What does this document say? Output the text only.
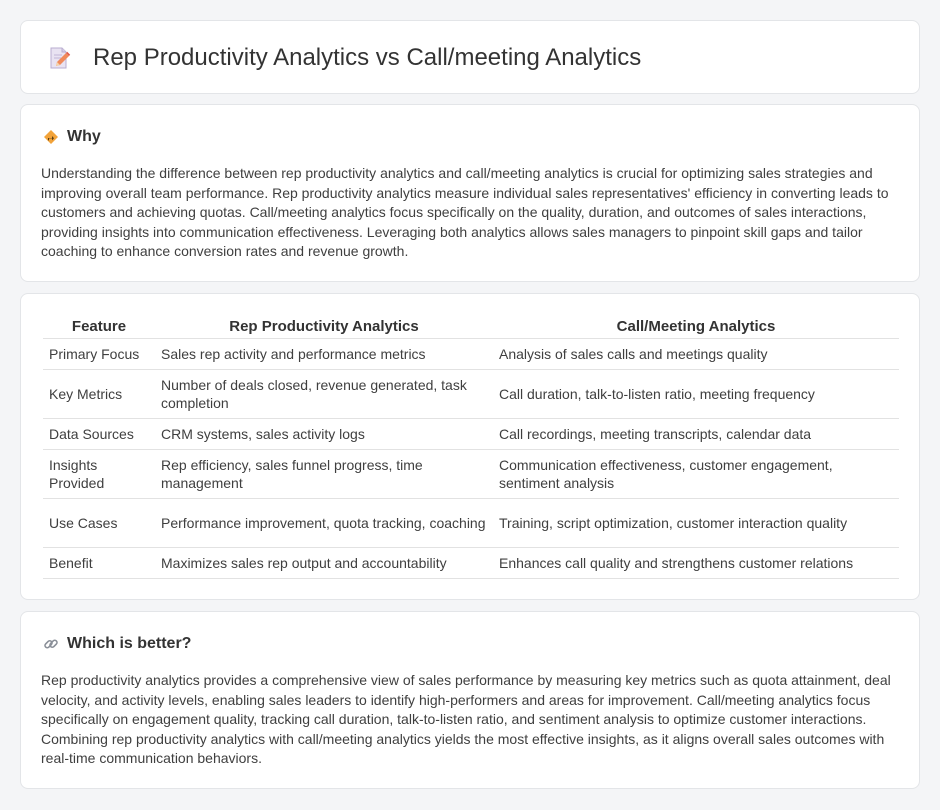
Rep Productivity Analytics vs Call/meeting Analytics
Why

Understanding the difference between rep productivity analytics and call/meeting analytics is crucial for optimizing sales strategies and improving overall team performance. Rep productivity analytics measure individual sales representatives' efficiency in converting leads to customers and achieving quotas. Call/meeting analytics focus specifically on the quality, duration, and outcomes of sales interactions, providing insights into communication effectiveness. Leveraging both analytics allows sales managers to pinpoint skill gaps and tailor coaching to enhance conversion rates and revenue growth.

Feature	Rep Productivity Analytics	Call/Meeting Analytics
Primary Focus	Sales rep activity and performance metrics	Analysis of sales calls and meetings quality
Key Metrics	Number of deals closed, revenue generated, task completion	Call duration, talk-to-listen ratio, meeting frequency
Data Sources	CRM systems, sales activity logs	Call recordings, meeting transcripts, calendar data
Insights Provided	Rep efficiency, sales funnel progress, time management	Communication effectiveness, customer engagement, sentiment analysis
Use Cases	Performance improvement, quota tracking, coaching	Training, script optimization, customer interaction quality
Benefit	Maximizes sales rep output and accountability	Enhances call quality and strengthens customer relations
Which is better?

Rep productivity analytics provides a comprehensive view of sales performance by measuring key metrics such as quota attainment, deal velocity, and activity levels, enabling sales leaders to identify high-performers and areas for improvement. Call/meeting analytics focus specifically on engagement quality, tracking call duration, talk-to-listen ratio, and sentiment analysis to optimize customer interactions. Combining rep productivity analytics with call/meeting analytics yields the most effective insights, as it aligns overall sales outcomes with real-time communication behaviors.
